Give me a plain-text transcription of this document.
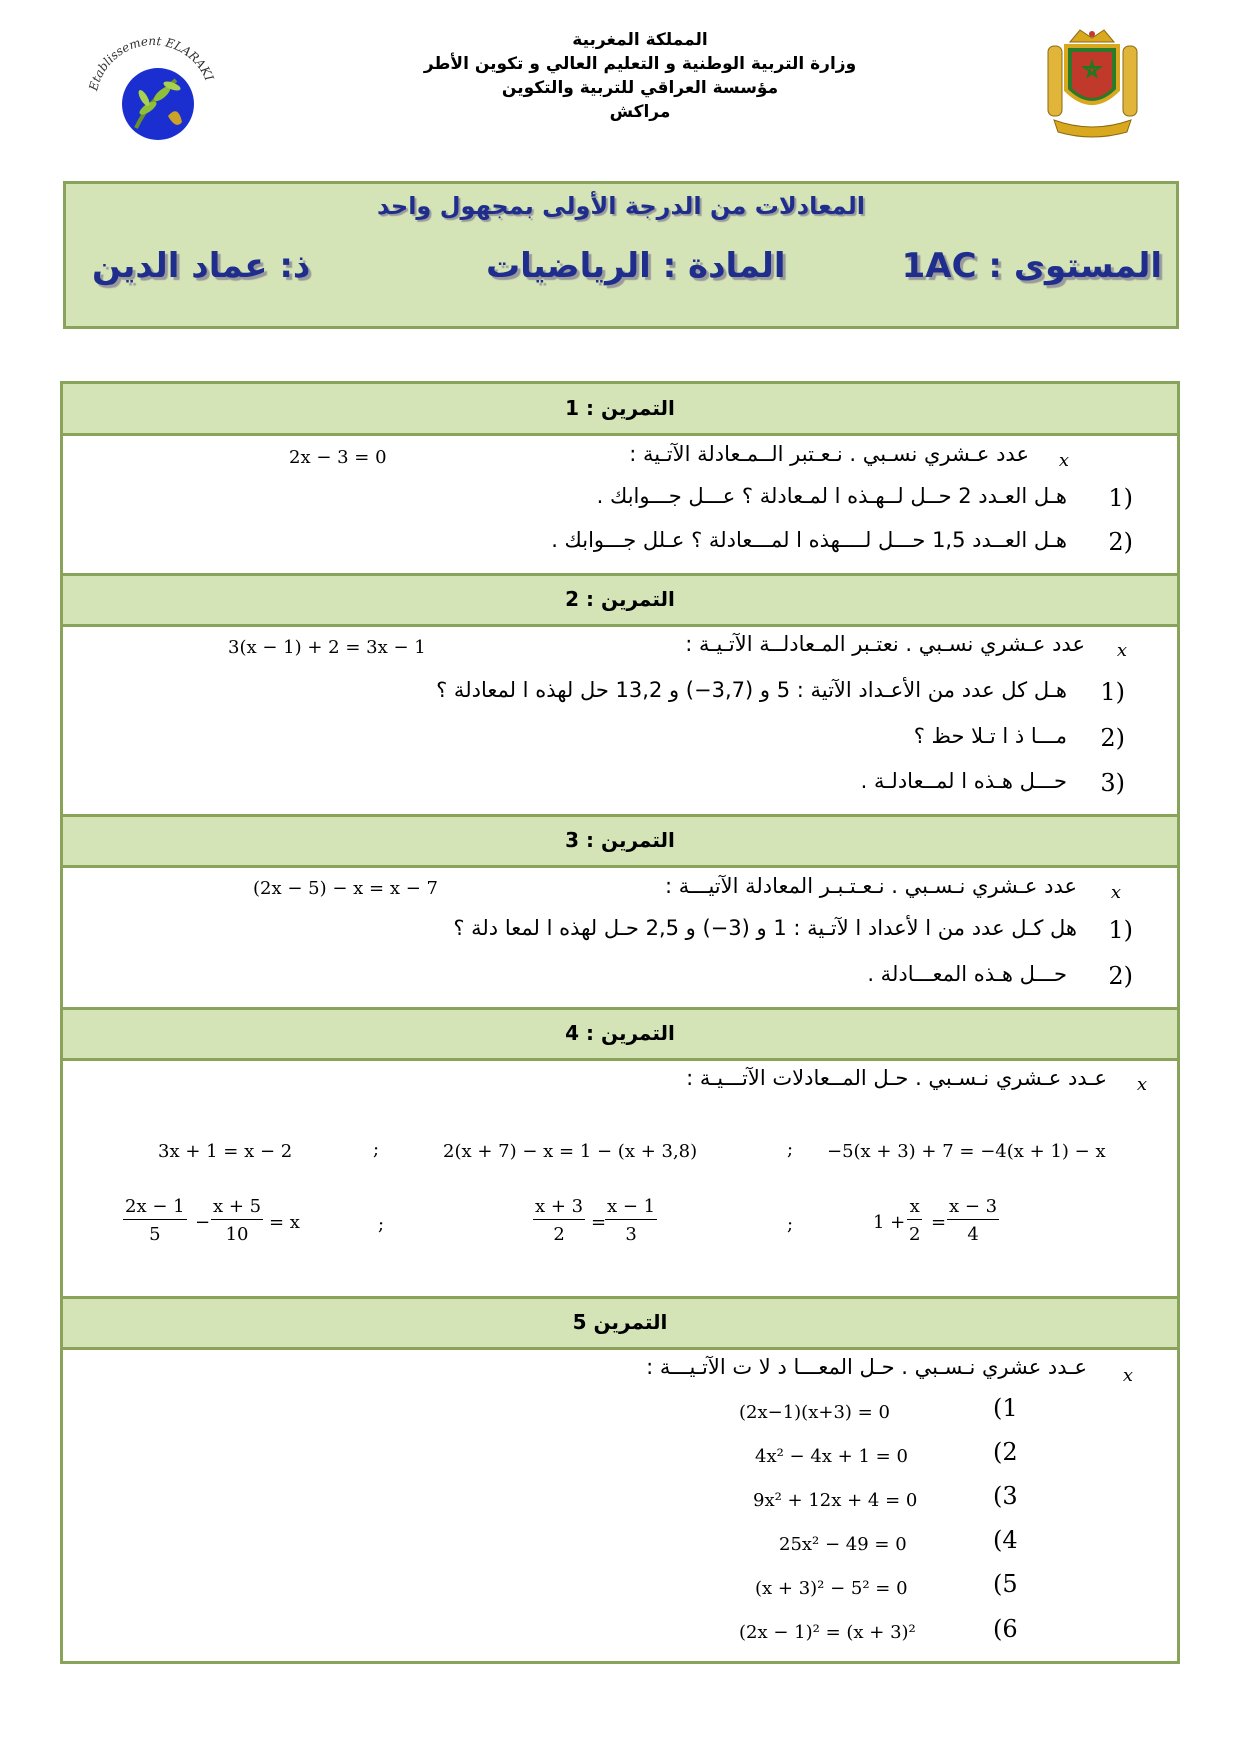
المملكة المغربية
وزارة التربية الوطنية و التعليم العالي و تكوين الأطر
مؤسسة العراقي للتربية والتكوين
مراكش
Etablissement ELARAKI
المعادلات من الدرجة الأولى بمجهول واحد
المستوى : 1AC
المادة : الرياضيات
ذ: عماد الدين
التمرين : 1
x
عدد عـشري نسـبي . نـعـتبر الــمـعادلة الآتـية :
2x − 3 = 0
1)
هـل العـدد 2 حــل لــهـذه ا لمـعادلة ؟ عـــل جـــوابك .
2)
هـل العــدد 1,5 حـــل لــــهذه ا لمـــعادلة ؟ عـلل جـــوابك .
التمرين : 2
x
عدد عـشري نسـبي . نعتـبر المـعادلــة الآتـيـة :
3(x − 1) + 2 = 3x − 1
1)
هـل كل عدد من الأعـداد الآتية : 5 و (3,7−) و 13,2 حل لهذه ا لمعادلة ؟
2)
مـــا ذ ا تـلا حظ ؟
3)
حـــل هـذه ا لمــعادلـة .
التمرين : 3
x
عدد عـشري نـسـبي . نـعـتـبـر المعادلة الآتيـــة :
(2x − 5) − x = x − 7
1)
هل كـل عدد من ا لأعداد ا لآتـية : 1 و (3−) و 2,5 حـل لهذه ا لمعا دلة ؟
2)
حـــل هـذه المعـــادلة .
التمرين : 4
x
عـدد عـشري نـسـبي . حـل المــعادلات الآتـــيـة :
3x + 1 = x − 2	;	2(x + 7) − x = 1 − (x + 3,8)	; −5(x + 3) + 7 = −4(x + 1) − x
$\frac{2x - 1}{5} - \frac{x + 5}{10} = x$	;	$\frac{x + 3}{2}$ =
$\frac{x - 1}{3}$	;	$1 + \frac{x}{2} = \frac{x - 3}{4}$
التمرين 5
x
عـدد عشري نـسـبي . حـل المعـــا د لا ت الآتـيـــة :
(1
(2x−1)(x+3) = 0
(2
4x² − 4x + 1 = 0
(3
9x² + 12x + 4 = 0
(4
25x² − 49 = 0
(5
(x + 3)² − 5² = 0
(6
(2x − 1)² = (x + 3)²
